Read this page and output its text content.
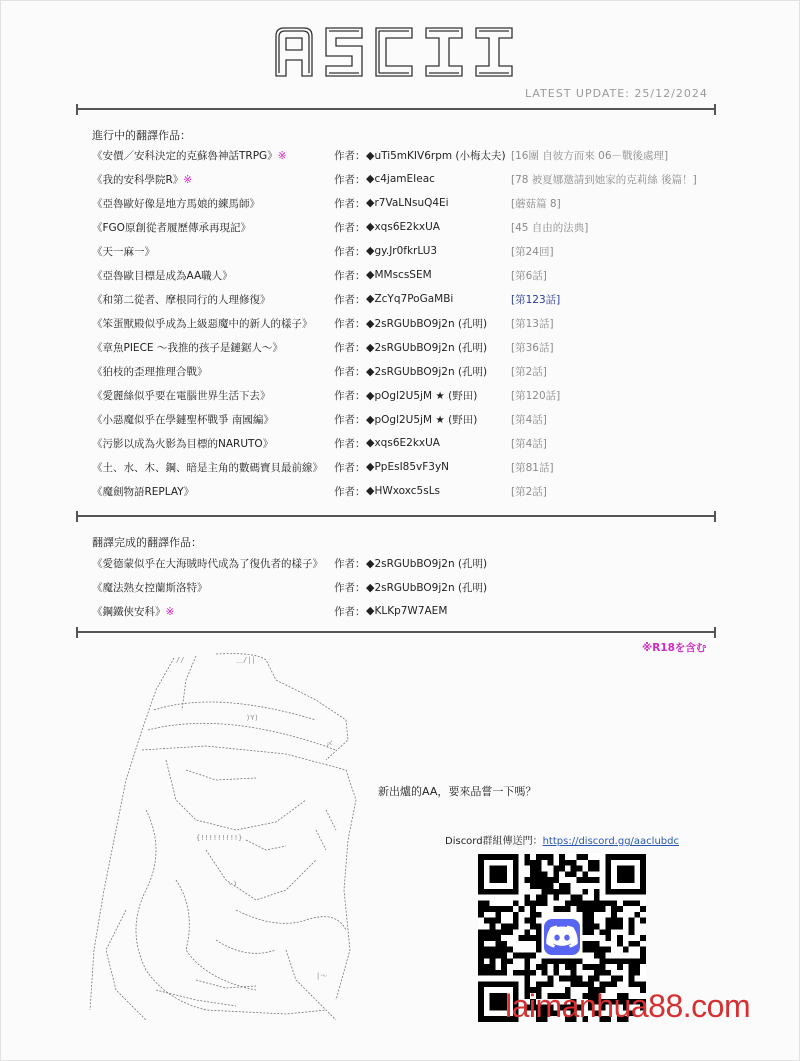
LATEST UPDATE: 25/12/2024
進行中的翻譯作品：
《安價／安科決定的克蘇魯神話TRPG》※	作者： ◆uTi5mKIV6rpm (小梅太夫) [16團 自彼方而來 06－戰後處理]
《我的安科學院R》※	作者： ◆c4jamEIeac	[78 被夏娜邀請到她家的克莉絲 後篇！]
《亞魯歐好像是地方馬娘的練馬師》	作者： ◆r7VaLNsuQ4Ei	[蘑菇篇 8]
《FGO原創從者履歷傳承再現記》	作者： ◆xqs6E2kxUA	[45 自由的法典]
《天一麻一》	作者： ◆gy.Jr0fkrLU3	[第24回]
《亞魯歐目標是成為AA職人》	作者： ◆MMscsSEM	[第6話]
《和第二從者、摩根同行的人理修復》	作者： ◆ZcYq7PoGaMBi	[第123話]
《笨蛋獸殿似乎成為上級惡魔中的新人的樣子》 作者： ◆2sRGUbBO9j2n (孔明) [第13話]
《章魚PIECE ～我推的孩子是鏈鋸人～》	作者： ◆2sRGUbBO9j2n (孔明) [第36話]
《狛枝的歪理推理合戰》	作者： ◆2sRGUbBO9j2n (孔明) [第2話]
《愛麗絲似乎要在電腦世界生活下去》	作者： ◆pOgl2U5jM ★ (野田)	[第120話]
《小惡魔似乎在學鏈聖杯戰爭 南國編》	作者： ◆pOgl2U5jM ★ (野田)	[第4話]
《污影以成為火影為目標的NARUTO》	作者： ◆xqs6E2kxUA	[第4話]
《土、水、木、鋼、暗是主角的數碼寶貝最前線》 作者： ◆PpEsI85vF3yN	[第81話]
《魔劍物語REPLAY》	作者： ◆HWxoxc5sLs	[第2話]
翻譯完成的翻譯作品：
《愛德蒙似乎在大海賊時代成為了復仇者的樣子》 作者： ◆2sRGUbBO9j2n (孔明)
《魔法熟女控蘭斯洛特》	作者： ◆2sRGUbBO9j2n (孔明)
《鋼鐵俠安科》※	作者： ◆KLKp7W7AEM
※R18を含む
//	＿/||
)Y)
〆
{!!!!!!!!!}
ヽ)
|～
新出爐的AA，要來品嘗一下嗎？
Discord群組傳送門：https://discord.gg/aaclubdc
laimanhua88.com
